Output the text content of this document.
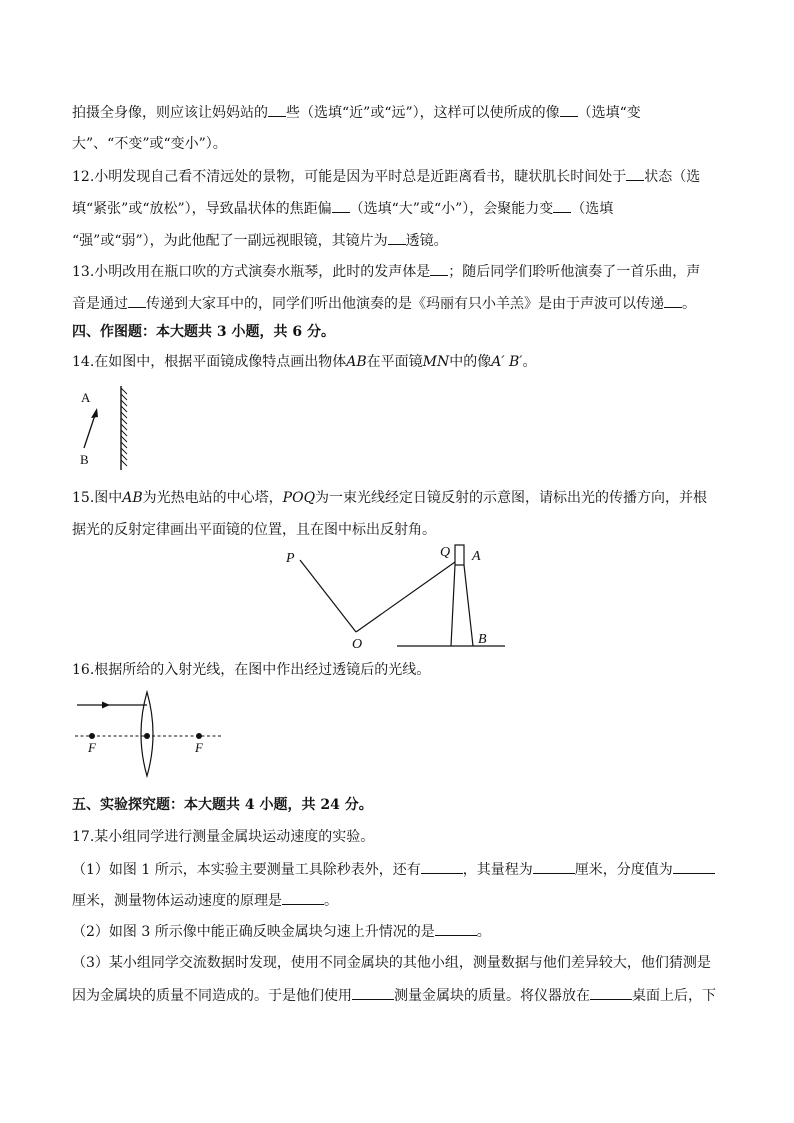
拍摄全身像，则应该让妈妈站的 些（选填“近”或“远”），这样可以使所成的像 （选填“变
大”、“不变”或“变小”）。
12.小明发现自己看不清远处的景物，可能是因为平时总是近距离看书，睫状肌长时间处于 状态（选
填“紧张”或“放松”），导致晶状体的焦距偏 （选填“大”或“小”），会聚能力变 （选填
“强”或“弱”），为此他配了一副远视眼镜，其镜片为 透镜。
13.小明改用在瓶口吹的方式演奏水瓶琴，此时的发声体是 ；随后同学们聆听他演奏了一首乐曲，声
音是通过 传递到大家耳中的，同学们听出他演奏的是《玛丽有只小羊羔》是由于声波可以传递 。
四、作图题：本大题共 3 小题，共 6 分。
14.在如图中，根据平面镜成像特点画出物体AB在平面镜MN中的像A′ B′。
A
B
15.图中AB为光热电站的中心塔，POQ为一束光线经定日镜反射的示意图，请标出光的传播方向，并根
据光的反射定律画出平面镜的位置，且在图中标出反射角。
P	Q A
O	B
16.根据所给的入射光线，在图中作出经过透镜后的光线。
F	F
五、实验探究题：本大题共 4 小题，共 24 分。
17.某小组同学进行测量金属块运动速度的实验。
（1）如图 1 所示，本实验主要测量工具除秒表外，还有	，其量程为	厘米，分度值为
厘米，测量物体运动速度的原理是	。
（2）如图 3 所示像中能正确反映金属块匀速上升情况的是	。
（3）某小组同学交流数据时发现，使用不同金属块的其他小组，测量数据与他们差异较大，他们猜测是
因为金属块的质量不同造成的。于是他们使用	测量金属块的质量。将仪器放在	桌面上后，下
